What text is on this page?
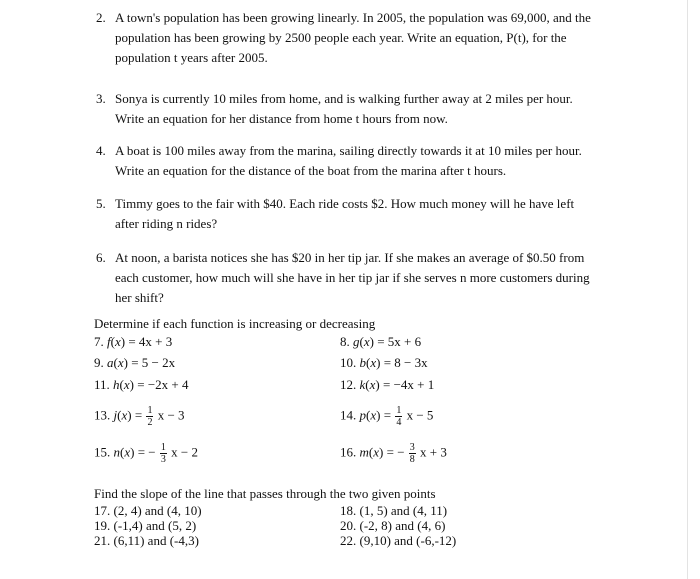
2. A town's population has been growing linearly. In 2005, the population was 69,000, and the population has been growing by 2500 people each year. Write an equation, P(t), for the population t years after 2005.
3. Sonya is currently 10 miles from home, and is walking further away at 2 miles per hour. Write an equation for her distance from home t hours from now.
4. A boat is 100 miles away from the marina, sailing directly towards it at 10 miles per hour. Write an equation for the distance of the boat from the marina after t hours.
5. Timmy goes to the fair with $40. Each ride costs $2. How much money will he have left after riding n rides?
6. At noon, a barista notices she has $20 in her tip jar. If she makes an average of $0.50 from each customer, how much will she have in her tip jar if she serves n more customers during her shift?
Determine if each function is increasing or decreasing
7. f(x) = 4x + 3	8. g(x) = 5x + 6
9. a(x) = 5 − 2x	10. b(x) = 8 − 3x
11. h(x) = −2x + 4	12. k(x) = −4x + 1
13. $j(x) = \frac{1}{2}$ x − 3	14. $p(x) = \frac{1}{4}$ x − 5
15. n(x) = − $\frac{1}{3}$ x − 2	16. m(x) = − $\frac{3}{8}$ x + 3
Find the slope of the line that passes through the two given points
17. (2, 4) and (4, 10)	18. (1, 5) and (4, 11)
19. (-1,4) and (5, 2)	20. (-2, 8) and (4, 6)
21. (6,11) and (-4,3)	22. (9,10) and (-6,-12)
